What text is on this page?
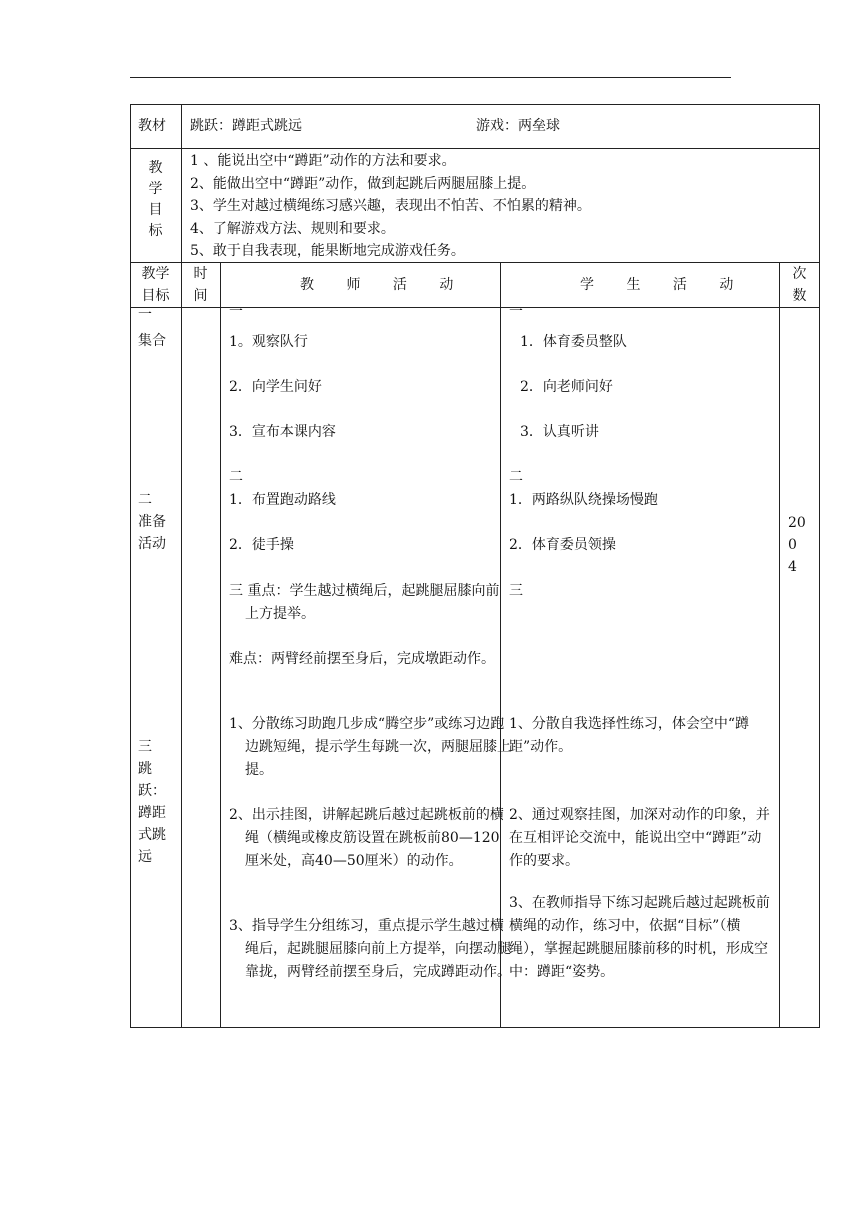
教材 跳跃：蹲距式跳远	游戏：两垒球
教
学
目
标
1 、能说出空中“蹲距”动作的方法和要求。
2、能做出空中“蹲距”动作，做到起跳后两腿屈膝上提。
3、学生对越过横绳练习感兴趣，表现出不怕苦、不怕累的精神。
4、了解游戏方法、规则和要求。
5、敢于自我表现，能果断地完成游戏任务。
教学
目标
时
间
教 师 活 动	学 生 活 动
次
数
一
集合
二
准备
活动
三
跳
跃：
蹲距
式跳
远
一
1。观察队行
2．向学生问好
3．宣布本课内容
二
1．布置跑动路线
2．徒手操
三 重点：学生越过横绳后，起跳腿屈膝向前上方提举。
难点：两臂经前摆至身后，完成墩距动作。
1、分散练习助跑几步成“腾空步”或练习边跑边跳短绳，提示学生每跳一次，两腿屈膝上提。
2、出示挂图，讲解起跳后越过起跳板前的横绳（横绳或橡皮筋设置在跳板前80—120厘米处，高40—50厘米）的动作。
3、指导学生分组练习，重点提示学生越过横绳后，起跳腿屈膝向前上方提举，向摆动腿靠拢，两臂经前摆至身后，完成蹲距动作。
一
1．体育委员整队
2．向老师问好
3．认真听讲
二
1．两路纵队绕操场慢跑
2．体育委员领操
三
1、分散自我选择性练习，体会空中“蹲距”动作。
2、通过观察挂图，加深对动作的印象，并在互相评论交流中，能说出空中“蹲距”动作的要求。
3、在教师指导下练习起跳后越过起跳板前横绳的动作，练习中，依据“目标”（横绳），掌握起跳腿屈膝前移的时机，形成空中：蹲距“姿势。
20
0
4
